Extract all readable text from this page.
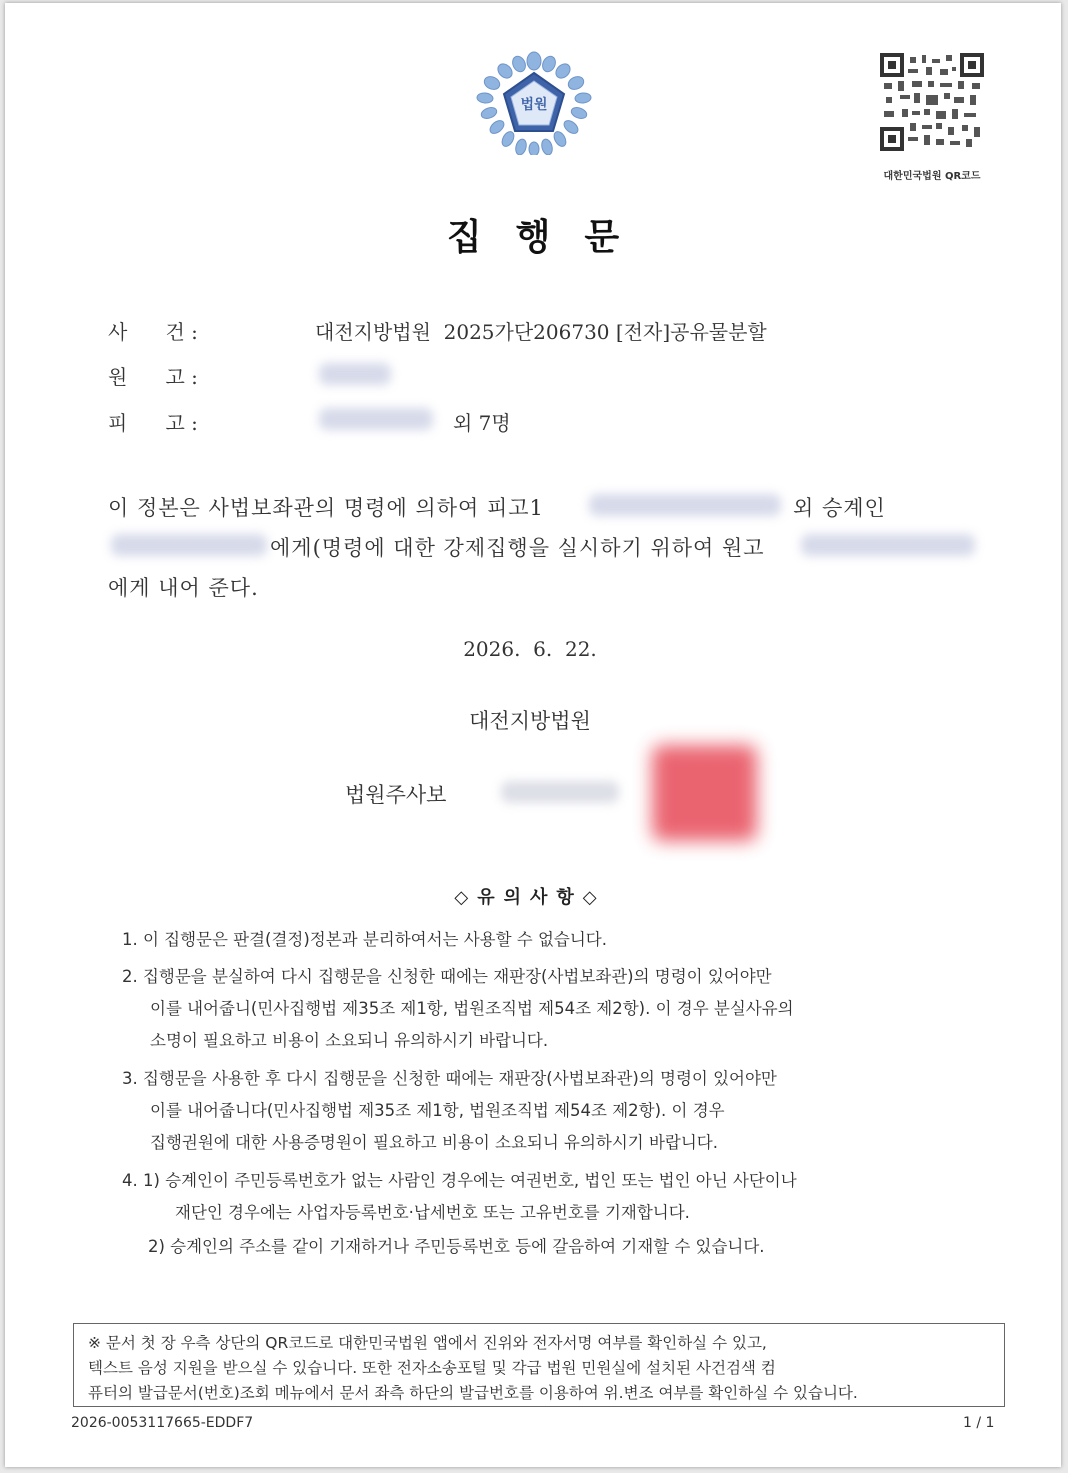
법원
대한민국법원 QR코드
집행문
사      건 :	대전지방법원  2025가단206730 [전자]공유물분할
원      고 :
피      고 :	외 7명
이 정본은 사법보좌관의 명령에 의하여 피고1	외 승계인
에게(명령에 대한 강제집행을 실시하기 위하여 원고
에게 내어 준다.
2026.  6.  22.
대전지방법원
법원주사보
◇유의사항◇
1. 이 집행문은 판결(결정)정본과 분리하여서는 사용할 수 없습니다.
2. 집행문을 분실하여 다시 집행문을 신청한 때에는 재판장(사법보좌관)의 명령이 있어야만
이를 내어줍니(민사집행법 제35조 제1항, 법원조직법 제54조 제2항). 이 경우 분실사유의
소명이 필요하고 비용이 소요되니 유의하시기 바랍니다.
3. 집행문을 사용한 후 다시 집행문을 신청한 때에는 재판장(사법보좌관)의 명령이 있어야만
이를 내어줍니다(민사집행법 제35조 제1항, 법원조직법 제54조 제2항). 이 경우
집행권원에 대한 사용증명원이 필요하고 비용이 소요되니 유의하시기 바랍니다.
4. 1) 승계인이 주민등록번호가 없는 사람인 경우에는 여권번호, 법인 또는 법인 아닌 사단이나
재단인 경우에는 사업자등록번호·납세번호 또는 고유번호를 기재합니다.
2) 승계인의 주소를 같이 기재하거나 주민등록번호 등에 갈음하여 기재할 수 있습니다.
※ 문서 첫 장 우측 상단의 QR코드로 대한민국법원 앱에서 진위와 전자서명 여부를 확인하실 수 있고,
텍스트 음성 지원을 받으실 수 있습니다. 또한 전자소송포털 및 각급 법원 민원실에 설치된 사건검색 컴
퓨터의 발급문서(번호)조회 메뉴에서 문서 좌측 하단의 발급번호를 이용하여 위.변조 여부를 확인하실 수 있습니다.
2026-0053117665-EDDF7	1 / 1
